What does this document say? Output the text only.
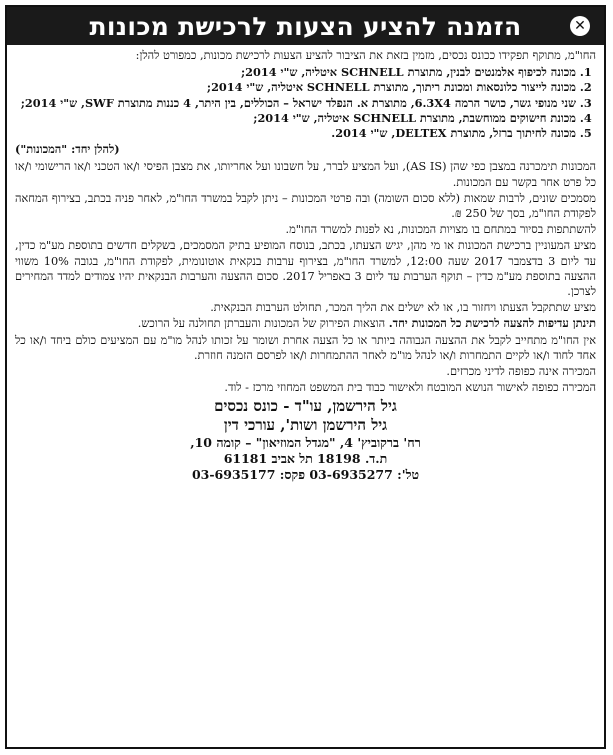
הזמנה להציע הצעות לרכישת מכונות	✕

החו"מ, מתוקף תפקידו ככונס נכסים, מזמין בזאת את הציבור להציע הצעות לרכישת מכונות, כמפורט להלן:

1. מכונה לכיפוף אלמנטים לבנין, מתוצרת SCHNELL איטליה, ש"י 2014;
2. מכונה לייצור כלונסאות ומכונת ריתוך, מתוצרת SCHNELL איטליה, ש"י 2014;
3. שני מנופי גשר, כושר הרמה 6.3X4, מתוצרת א. הנפלד ישראל – הכוללים, בין היתר, 4 כננות מתוצרת SWF, ש"י 2014;
4. מכונת חישוקים ממוחשבת, מתוצרת SCHNELL איטליה, ש"י 2014;
5. מכונה לחיתוך ברזל, מתוצרת DELTEX, ש"י 2014.

(להלן יחד: "המכונות")

המכונות תימכרנה במצבן כפי שהן (AS IS), ועל המציע לברר, על חשבונו ועל אחריותו, את מצבן הפיסי ו/או הטכני ו/או הרישומי ו/או כל פרט אחר בקשר עם המכונות.

מסמכים שונים, לרבות שמאות (ללא סכום השומה) ובה פרטי המכונות – ניתן לקבל במשרד החו"מ, לאחר פניה בכתב, בצירוף המחאה לפקודת החו"מ, בסך של 250 ₪.

להשתתפות בסיור במתחם בו מצויות המכונות, נא לפנות למשרד החו"מ.

מציע המעוניין ברכישת המכונות או מי מהן, יגיש הצעתו, בכתב, בנוסח המופיע בתיק המסמכים, בשקלים חדשים בתוספת מע"מ כדין, עד ליום 3 בדצמבר 2017 שעה 12:00, למשרד החו"מ, בצירוף ערבות בנקאית אוטונומית, לפקודת החו"מ, בגובה 10% משווי ההצעה בתוספת מע"מ כדין – תוקף הערבות עד ליום 3 באפריל 2017. סכום ההצעה והערבות הבנקאית יהיו צמודים למדד המחירים לצרכן.

מציע שתתקבל הצעתו ויחזור בו, או לא ישלים את הליך המכר, תחולט הערבות הבנקאית.

תינתן עדיפות להצעה לרכישת כל המכונות יחד. הוצאות הפירוק של המכונות והעברתן תחולנה על הרוכש.

אין החו"מ מתחייב לקבל את ההצעה הגבוהה ביותר או כל הצעה אחרת ושומר על זכותו לנהל מו"מ עם המציעים כולם ביחד ו/או כל אחד לחוד ו/או לקיים התמחרות ו/או לנהל מו"מ לאחר ההתמחרות ו/או לפרסם הזמנה חוזרת.

המכירה אינה כפופה לדיני מכרזים.

המכירה כפופה לאישור הנושא המובטח ולאישור כבוד בית המשפט המחוזי מרכז - לוד.

גיל הירשמן, עו"ד - כונס נכסים
גיל הירשמן ושות', עורכי דין
רח' ברקוביץ' 4, "מגדל המוזיאון" – קומה 10,
ת.ד. 18198 תל אביב 61181
טל': 03-6935277 פקס: 03-6935177
